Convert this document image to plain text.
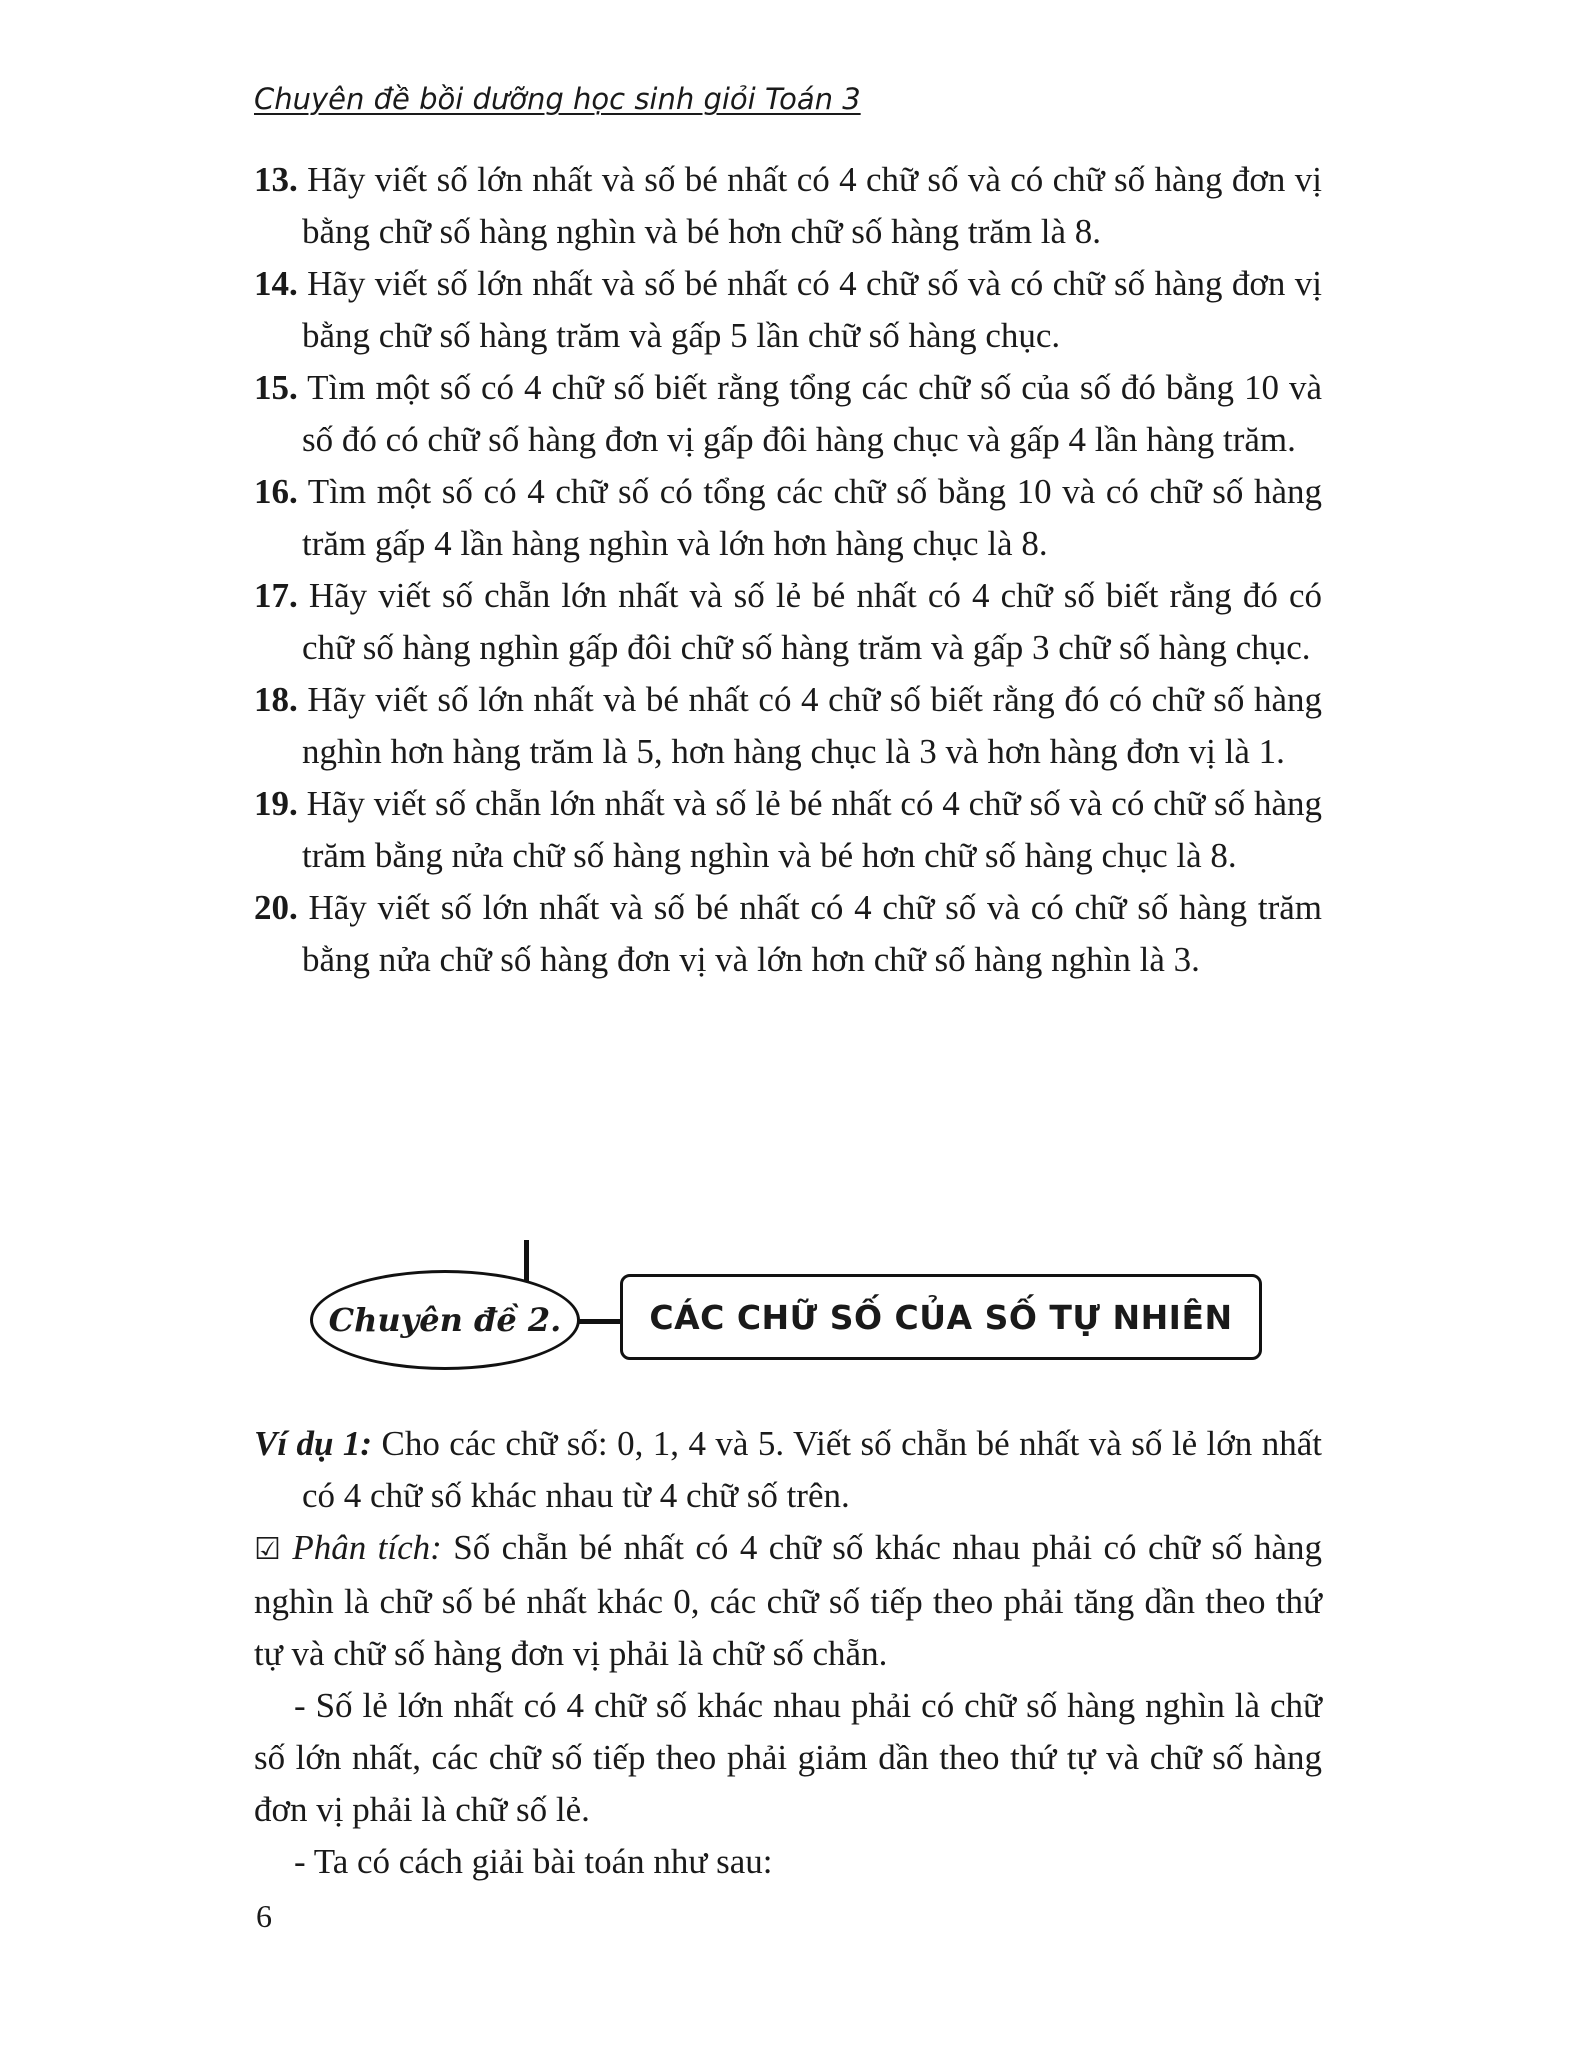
Chuyên đề bồi dưỡng học sinh giỏi Toán 3
13. Hãy viết số lớn nhất và số bé nhất có 4 chữ số và có chữ số hàng đơn vị bằng chữ số hàng nghìn và bé hơn chữ số hàng trăm là 8.
14. Hãy viết số lớn nhất và số bé nhất có 4 chữ số và có chữ số hàng đơn vị bằng chữ số hàng trăm và gấp 5 lần chữ số hàng chục.
15. Tìm một số có 4 chữ số biết rằng tổng các chữ số của số đó bằng 10 và số đó có chữ số hàng đơn vị gấp đôi hàng chục và gấp 4 lần hàng trăm.
16. Tìm một số có 4 chữ số có tổng các chữ số bằng 10 và có chữ số hàng trăm gấp 4 lần hàng nghìn và lớn hơn hàng chục là 8.
17. Hãy viết số chẵn lớn nhất và số lẻ bé nhất có 4 chữ số biết rằng đó có chữ số hàng nghìn gấp đôi chữ số hàng trăm và gấp 3 chữ số hàng chục.
18. Hãy viết số lớn nhất và bé nhất có 4 chữ số biết rằng đó có chữ số hàng nghìn hơn hàng trăm là 5, hơn hàng chục là 3 và hơn hàng đơn vị là 1.
19. Hãy viết số chẵn lớn nhất và số lẻ bé nhất có 4 chữ số và có chữ số hàng trăm bằng nửa chữ số hàng nghìn và bé hơn chữ số hàng chục là 8.
20. Hãy viết số lớn nhất và số bé nhất có 4 chữ số và có chữ số hàng trăm bằng nửa chữ số hàng đơn vị và lớn hơn chữ số hàng nghìn là 3.
Chuyên đề 2.	CÁC CHỮ SỐ CỦA SỐ TỰ NHIÊN
Ví dụ 1: Cho các chữ số: 0, 1, 4 và 5. Viết số chẵn bé nhất và số lẻ lớn nhất có 4 chữ số khác nhau từ 4 chữ số trên.
☑ Phân tích: Số chẵn bé nhất có 4 chữ số khác nhau phải có chữ số hàng nghìn là chữ số bé nhất khác 0, các chữ số tiếp theo phải tăng dần theo thứ tự và chữ số hàng đơn vị phải là chữ số chẵn.
- Số lẻ lớn nhất có 4 chữ số khác nhau phải có chữ số hàng nghìn là chữ số lớn nhất, các chữ số tiếp theo phải giảm dần theo thứ tự và chữ số hàng đơn vị phải là chữ số lẻ.
- Ta có cách giải bài toán như sau:
6
